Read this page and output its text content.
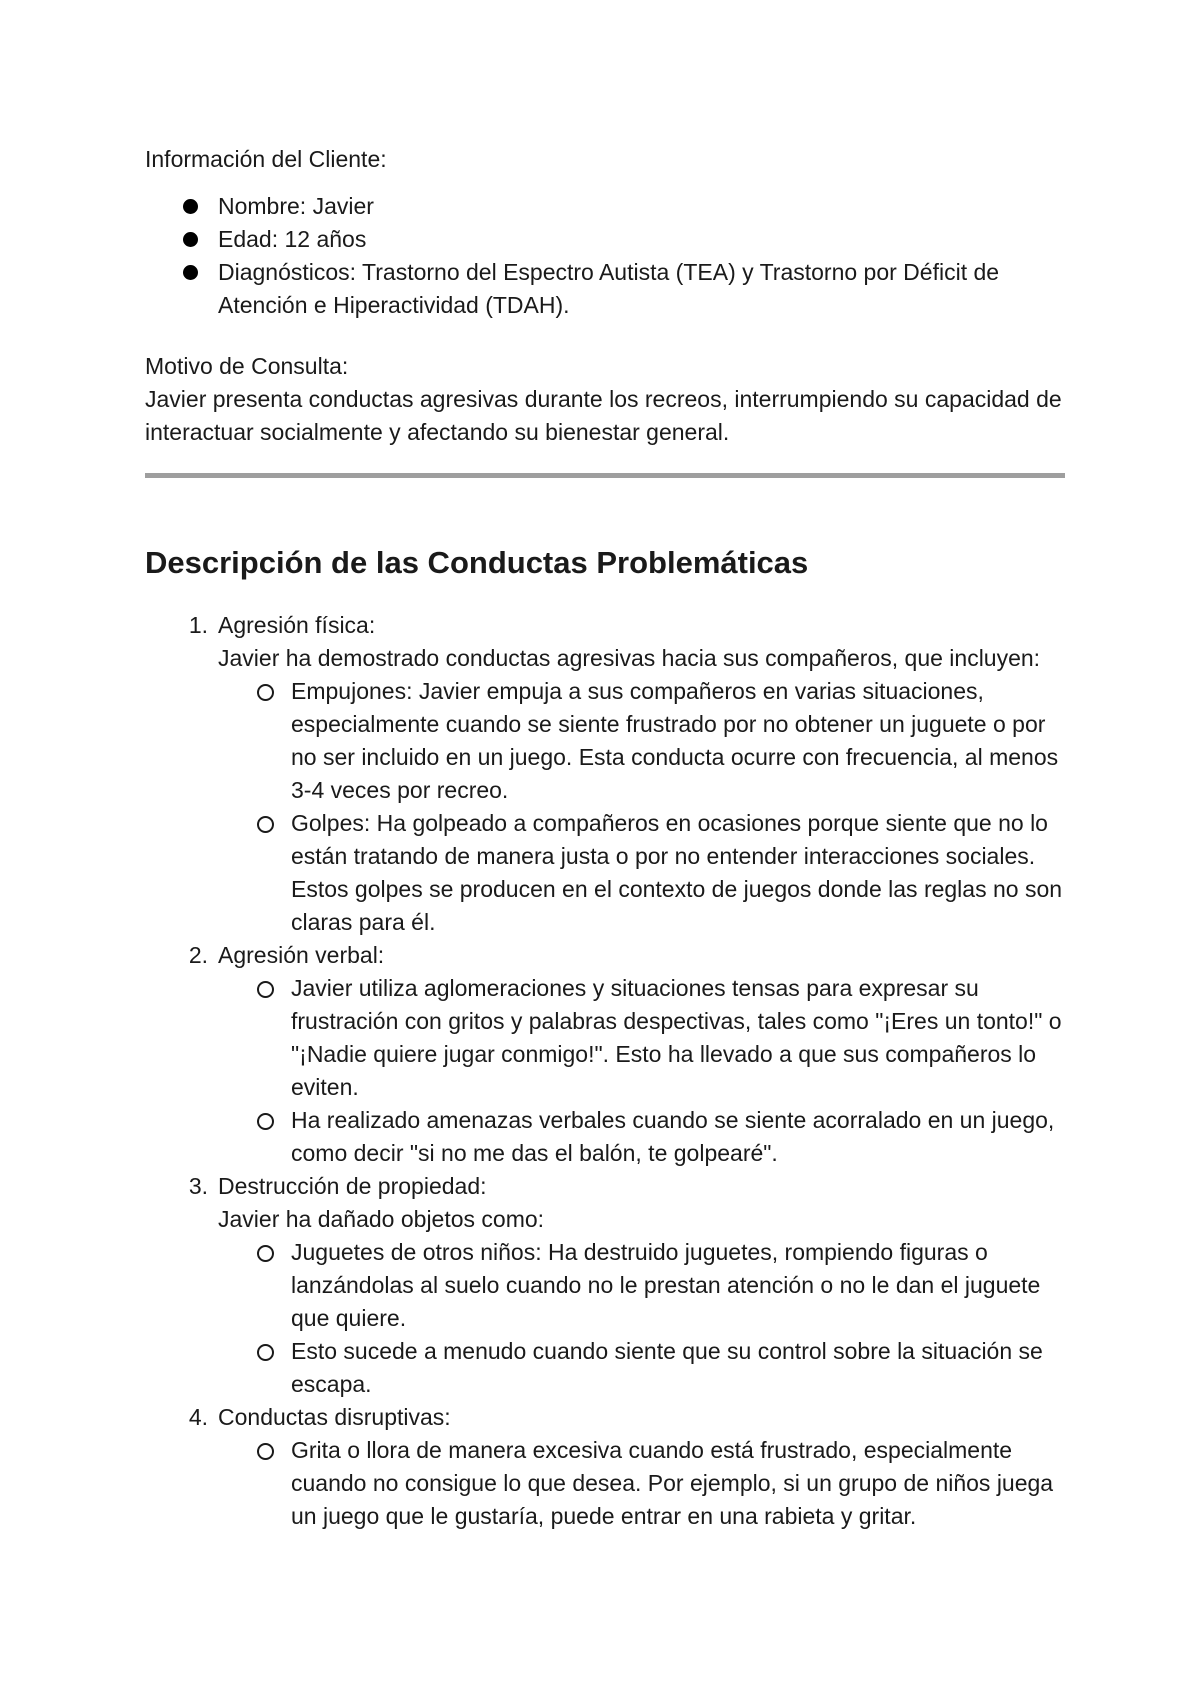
Información del Cliente:

Nombre: Javier
Edad: 12 años
Diagnósticos: Trastorno del Espectro Autista (TEA) y Trastorno por Déficit de Atención e Hiperactividad (TDAH).

Motivo de Consulta:

Javier presenta conductas agresivas durante los recreos, interrumpiendo su capacidad de interactuar socialmente y afectando su bienestar general.

Descripción de las Conductas Problemáticas
1. Agresión física:

Javier ha demostrado conductas agresivas hacia sus compañeros, que incluyen:

Empujones: Javier empuja a sus compañeros en varias situaciones, especialmente cuando se siente frustrado por no obtener un juguete o por no ser incluido en un juego. Esta conducta ocurre con frecuencia, al menos 3-4 veces por recreo.
Golpes: Ha golpeado a compañeros en ocasiones porque siente que no lo están tratando de manera justa o por no entender interacciones sociales. Estos golpes se producen en el contexto de juegos donde las reglas no son claras para él.
2. Agresión verbal:

Javier utiliza aglomeraciones y situaciones tensas para expresar su frustración con gritos y palabras despectivas, tales como "¡Eres un tonto!" o "¡Nadie quiere jugar conmigo!". Esto ha llevado a que sus compañeros lo eviten.
Ha realizado amenazas verbales cuando se siente acorralado en un juego, como decir "si no me das el balón, te golpearé".
3. Destrucción de propiedad:

Javier ha dañado objetos como:

Juguetes de otros niños: Ha destruido juguetes, rompiendo figuras o lanzándolas al suelo cuando no le prestan atención o no le dan el juguete que quiere.
Esto sucede a menudo cuando siente que su control sobre la situación se escapa.
4. Conductas disruptivas:

Grita o llora de manera excesiva cuando está frustrado, especialmente cuando no consigue lo que desea. Por ejemplo, si un grupo de niños juega un juego que le gustaría, puede entrar en una rabieta y gritar.
